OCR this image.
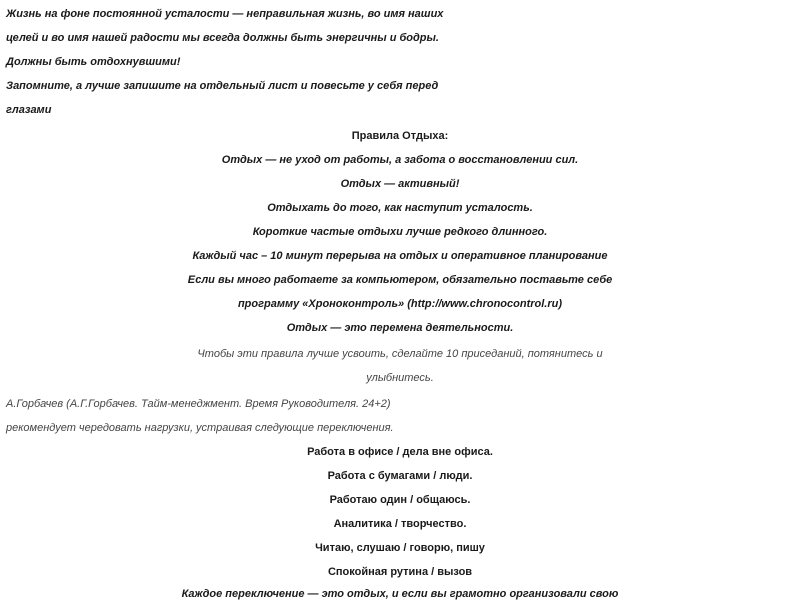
Жизнь на фоне постоянной усталости — неправильная жизнь, во имя наших

целей и во имя нашей радости мы всегда должны быть энергичны и бодры.

Должны быть отдохнувшими!

Запомните, а лучше запишите на отдельный лист и повесьте у себя перед

глазами

Правила Отдыха:

Отдых — не уход от работы, а забота о восстановлении сил.

Отдых — активный!

Отдыхать до того, как наступит усталость.

Короткие частые отдыхи лучше редкого длинного.

Каждый час – 10 минут перерыва на отдых и оперативное планирование

Если вы много работаете за компьютером, обязательно поставьте себе

программу «Хроноконтроль» (http://www.chronocontrol.ru)

Отдых — это перемена деятельности.

Чтобы эти правила лучше усвоить, сделайте 10 приседаний, потянитесь и

улыбнитесь.

А.Горбачев (А.Г.Горбачев. Тайм-менеджмент. Время Руководителя. 24+2)

рекомендует чередовать нагрузки, устраивая следующие переключения.

Работа в офисе / дела вне офиса.

Работа с бумагами / люди.

Работаю один / общаюсь.

Аналитика / творчество.

Читаю, слушаю / говорю, пишу

Спокойная рутина / вызов

Каждое переключение — это отдых, и если вы грамотно организовали свою
